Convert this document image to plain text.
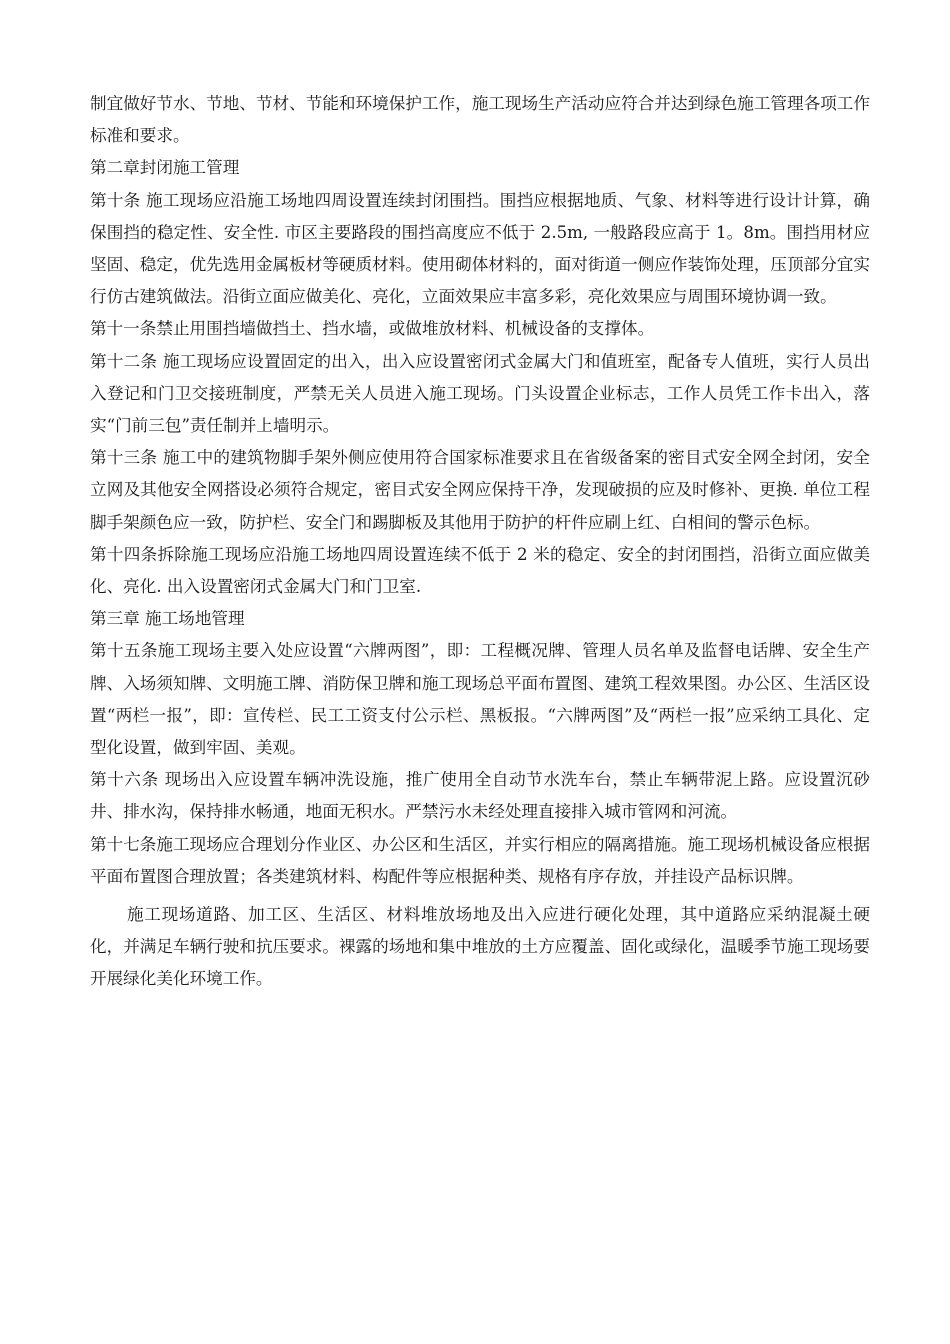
制宜做好节水、节地、节材、节能和环境保护工作，施工现场生产活动应符合并达到绿色施工管理各项工作标准和要求。

第二章封闭施工管理

第十条 施工现场应沿施工场地四周设置连续封闭围挡。围挡应根据地质、气象、材料等进行设计计算，确保围挡的稳定性、安全性. 市区主要路段的围挡高度应不低于 2.5m, 一般路段应高于 1。8m。围挡用材应坚固、稳定，优先选用金属板材等硬质材料。使用砌体材料的，面对街道一侧应作装饰处理，压顶部分宜实行仿古建筑做法。沿街立面应做美化、亮化，立面效果应丰富多彩，亮化效果应与周围环境协调一致。

第十一条禁止用围挡墙做挡土、挡水墙，或做堆放材料、机械设备的支撑体。

第十二条 施工现场应设置固定的出入，出入应设置密闭式金属大门和值班室，配备专人值班，实行人员出入登记和门卫交接班制度，严禁无关人员进入施工现场。门头设置企业标志，工作人员凭工作卡出入，落实“门前三包”责任制并上墙明示。

第十三条 施工中的建筑物脚手架外侧应使用符合国家标准要求且在省级备案的密目式安全网全封闭，安全立网及其他安全网搭设必须符合规定，密目式安全网应保持干净，发现破损的应及时修补、更换. 单位工程脚手架颜色应一致，防护栏、安全门和踢脚板及其他用于防护的杆件应刷上红、白相间的警示色标。

第十四条拆除施工现场应沿施工场地四周设置连续不低于 2 米的稳定、安全的封闭围挡，沿街立面应做美化、亮化. 出入设置密闭式金属大门和门卫室.

第三章 施工场地管理

第十五条施工现场主要入处应设置“六牌两图”，即：工程概况牌、管理人员名单及监督电话牌、安全生产牌、入场须知牌、文明施工牌、消防保卫牌和施工现场总平面布置图、建筑工程效果图。办公区、生活区设置“两栏一报”，即：宣传栏、民工工资支付公示栏、黑板报。“六牌两图”及“两栏一报”应采纳工具化、定型化设置，做到牢固、美观。

第十六条 现场出入应设置车辆冲洗设施，推广使用全自动节水洗车台，禁止车辆带泥上路。应设置沉砂井、排水沟，保持排水畅通，地面无积水。严禁污水未经处理直接排入城市管网和河流。

第十七条施工现场应合理划分作业区、办公区和生活区，并实行相应的隔离措施。施工现场机械设备应根据平面布置图合理放置；各类建筑材料、构配件等应根据种类、规格有序存放，并挂设产品标识牌。

施工现场道路、加工区、生活区、材料堆放场地及出入应进行硬化处理，其中道路应采纳混凝土硬化，并满足车辆行驶和抗压要求。裸露的场地和集中堆放的土方应覆盖、固化或绿化，温暖季节施工现场要开展绿化美化环境工作。
